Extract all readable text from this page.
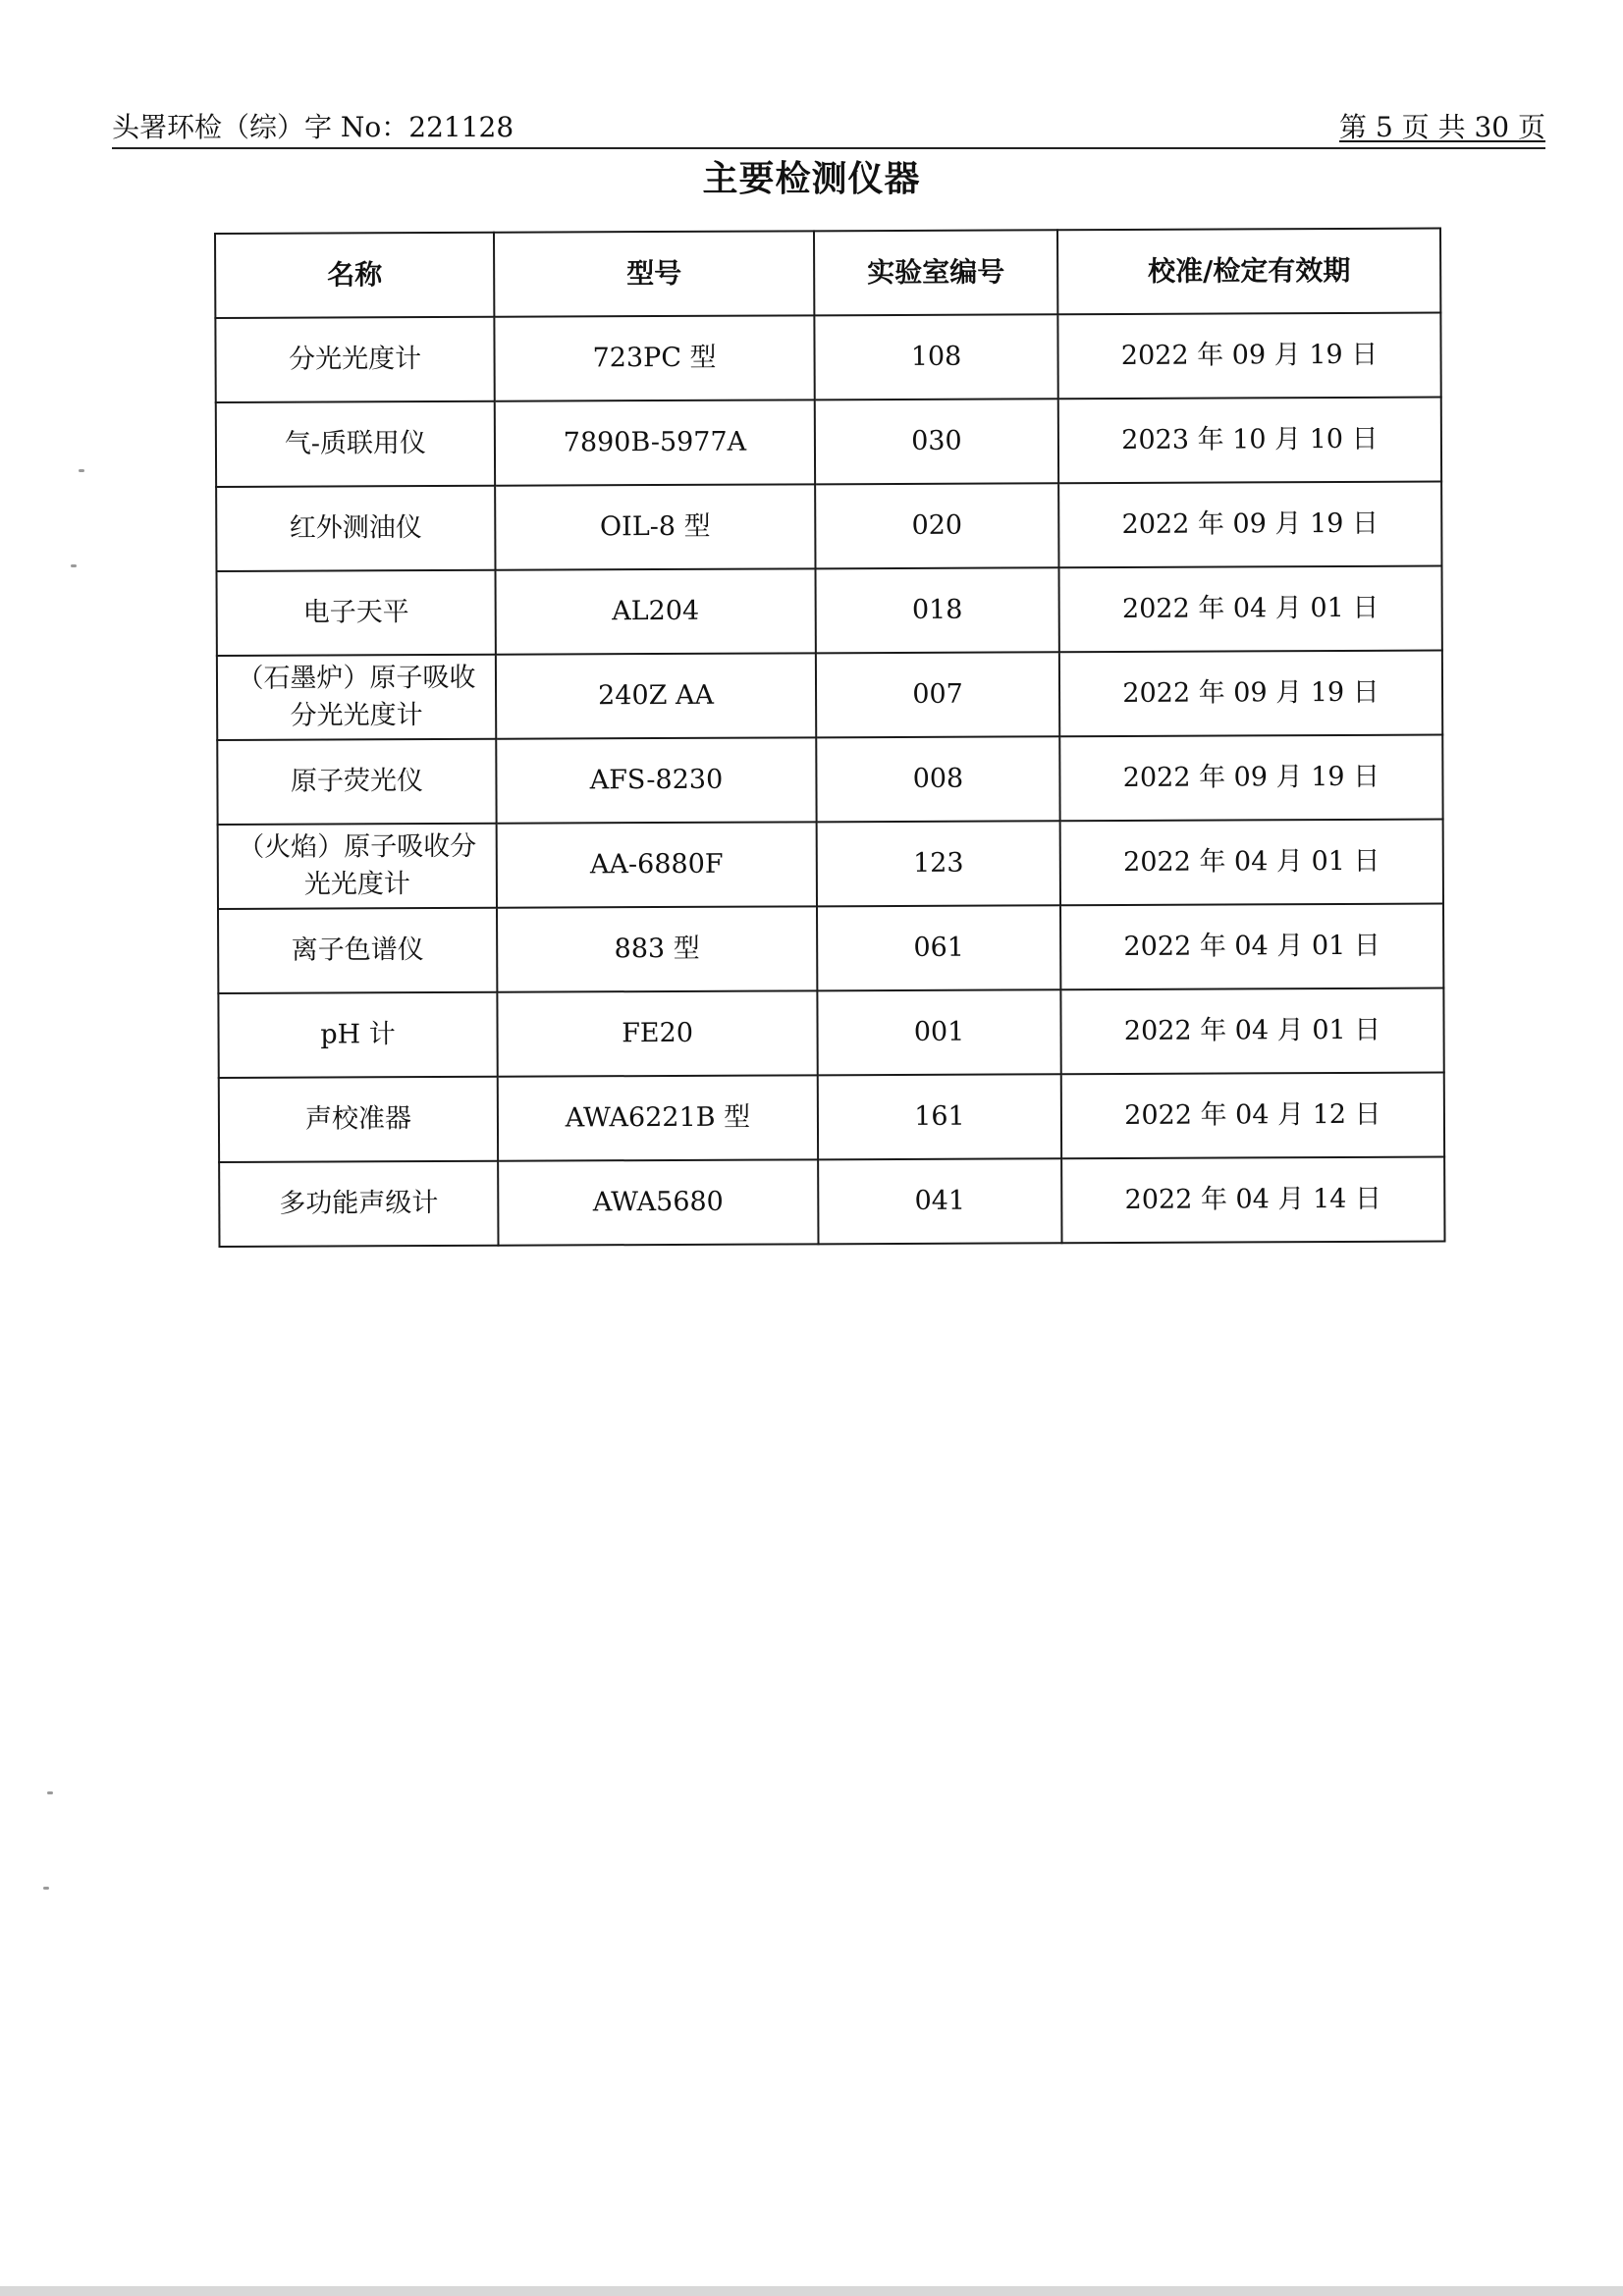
头署环检（综）字 No：221128	第 5 页 共 30 页
主要检测仪器
名称	型号	实验室编号	校准/检定有效期
分光光度计	723PC 型	108	2022 年 09 月 19 日
气-质联用仪	7890B-5977A	030	2023 年 10 月 10 日
红外测油仪	OIL-8 型	020	2022 年 09 月 19 日
电子天平	AL204	018	2022 年 04 月 01 日
（石墨炉）原子吸收分光光度计	240Z AA	007	2022 年 09 月 19 日
原子荧光仪	AFS-8230	008	2022 年 09 月 19 日
（火焰）原子吸收分光光度计	AA-6880F	123	2022 年 04 月 01 日
离子色谱仪	883 型	061	2022 年 04 月 01 日
pH 计	FE20	001	2022 年 04 月 01 日
声校准器	AWA6221B 型	161	2022 年 04 月 12 日
多功能声级计	AWA5680	041	2022 年 04 月 14 日
